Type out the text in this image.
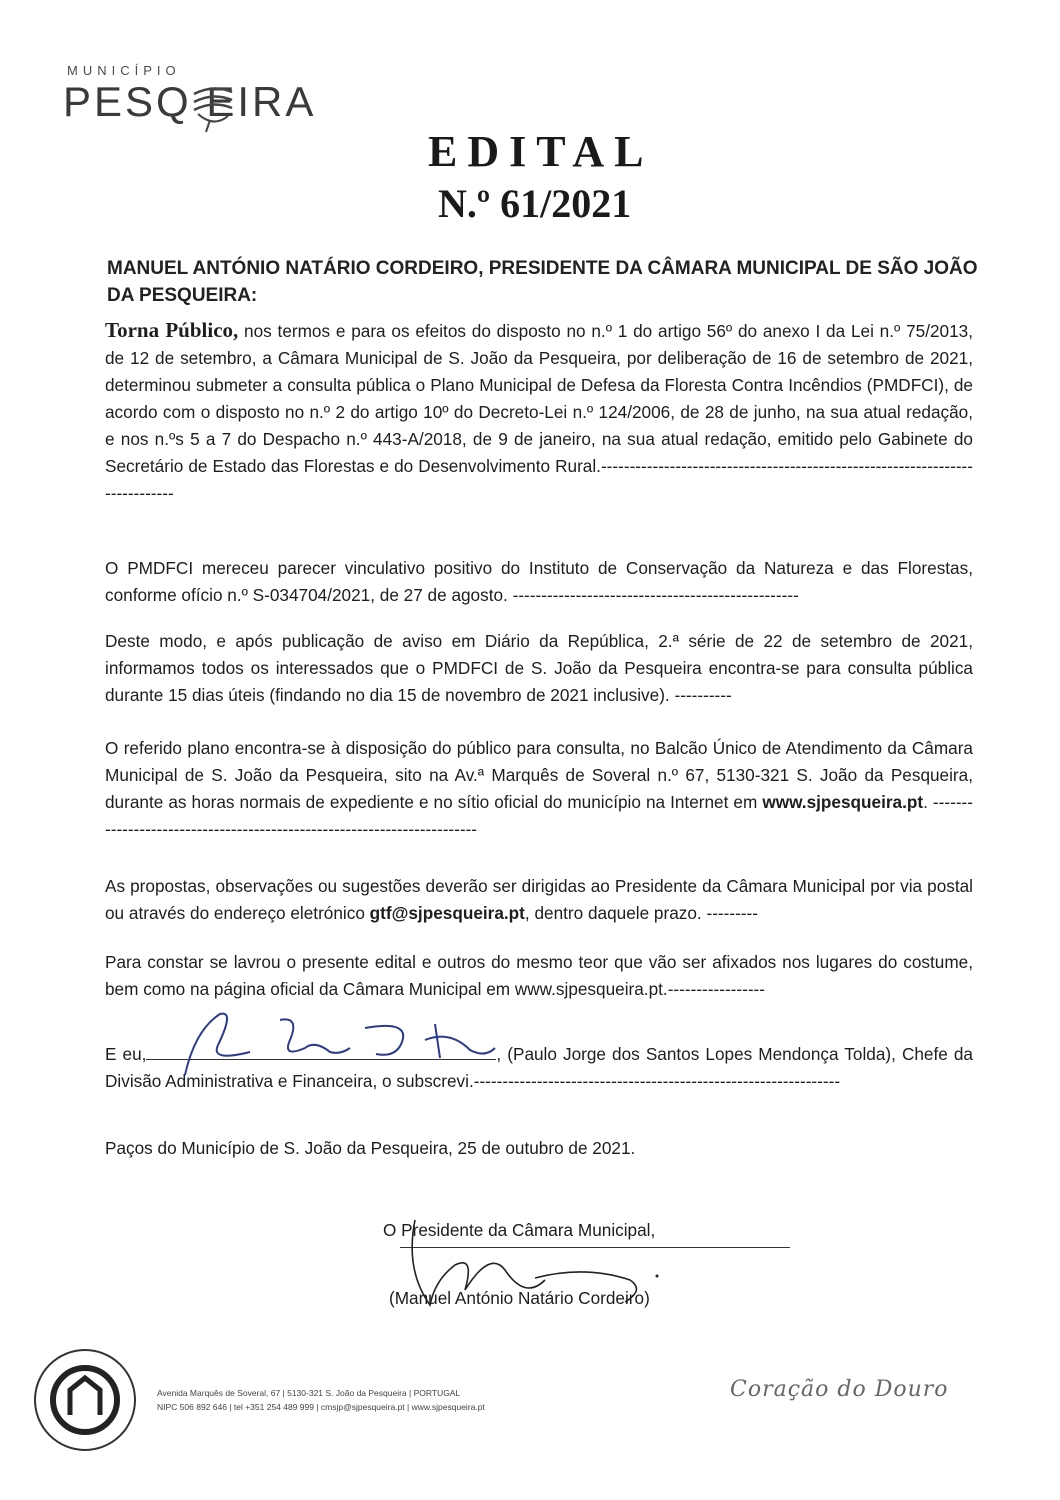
MUNICÍPIO
PESQ EIRA
EDITAL
N.º 61/2021
MANUEL ANTÓNIO NATÁRIO CORDEIRO, PRESIDENTE DA CÂMARA MUNICIPAL DE SÃO JOÃO DA PESQUEIRA:
Torna Público, nos termos e para os efeitos do disposto no n.º 1 do artigo 56º do anexo I da Lei n.º 75/2013, de 12 de setembro, a Câmara Municipal de S. João da Pesqueira, por deliberação de 16 de setembro de 2021, determinou submeter a consulta pública o Plano Municipal de Defesa da Floresta Contra Incêndios (PMDFCI), de acordo com o disposto no n.º 2 do artigo 10º do Decreto-Lei n.º 124/2006, de 28 de junho, na sua atual redação, e nos n.ºs 5 a 7 do Despacho n.º 443-A/2018, de 9 de janeiro, na sua atual redação, emitido pelo Gabinete do Secretário de Estado das Florestas e do Desenvolvimento Rural.-----------------------------------------------------------------------------
O PMDFCI mereceu parecer vinculativo positivo do Instituto de Conservação da Natureza e das Florestas, conforme ofício n.º S-034704/2021, de 27 de agosto. --------------------------------------------------
Deste modo, e após publicação de aviso em Diário da República, 2.ª série de 22 de setembro de 2021, informamos todos os interessados que o PMDFCI de S. João da Pesqueira encontra-se para consulta pública durante 15 dias úteis (findando no dia 15 de novembro de 2021 inclusive). ----------
O referido plano encontra-se à disposição do público para consulta, no Balcão Único de Atendimento da Câmara Municipal de S. João da Pesqueira, sito na Av.ª Marquês de Soveral n.º 67, 5130-321 S. João da Pesqueira, durante as horas normais de expediente e no sítio oficial do município na Internet em www.sjpesqueira.pt. ------------------------------------------------------------------------
As propostas, observações ou sugestões deverão ser dirigidas ao Presidente da Câmara Municipal por via postal ou através do endereço eletrónico gtf@sjpesqueira.pt, dentro daquele prazo. ---------
Para constar se lavrou o presente edital e outros do mesmo teor que vão ser afixados nos lugares do costume, bem como na página oficial da Câmara Municipal em www.sjpesqueira.pt.-----------------
E eu,	, (Paulo Jorge dos Santos Lopes Mendonça Tolda), Chefe da Divisão Administrativa e Financeira, o subscrevi.----------------------------------------------------------------
Paços do Município de S. João da Pesqueira, 25 de outubro de 2021.
O Presidente da Câmara Municipal,
(Manuel António Natário Cordeiro)
Avenida Marquês de Soveral, 67 | 5130-321 S. João da Pesqueira | PORTUGAL
NIPC 506 892 646 | tel +351 254 489 999 | cmsjp@sjpesqueira.pt | www.sjpesqueira.pt
Coração do Douro
